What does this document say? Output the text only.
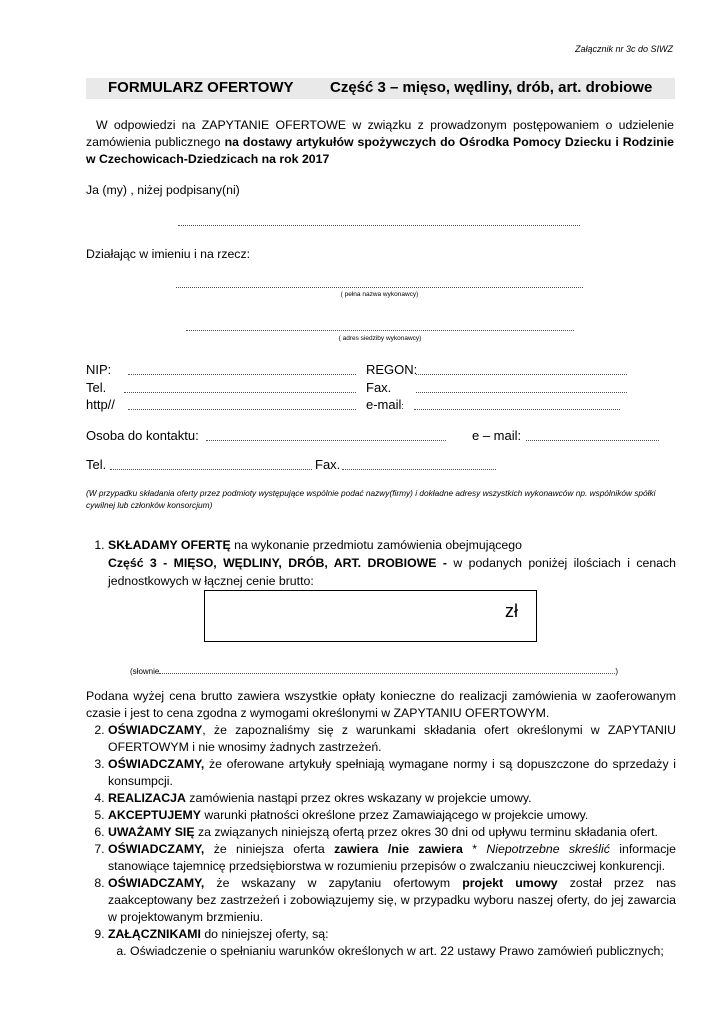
Załącznik nr 3c do SIWZ
FORMULARZ OFERTOWY Część 3 – mięso, wędliny, drób, art. drobiowe
W odpowiedzi na ZAPYTANIE OFERTOWE w związku z prowadzonym postępowaniem o udzielenie zamówienia publicznego na dostawy artykułów spożywczych do Ośrodka Pomocy Dziecku i Rodzinie w Czechowicach-Dziedzicach na rok 2017
Ja (my) , niżej podpisany(ni)
Działając w imieniu i na rzecz:
( pełna nazwa wykonawcy)
( adres siedziby wykonawcy)
NIP:	REGON:
Tel.	Fax.
http//	e-mail:
Osoba do kontaktu:	e – mail:
Tel.	Fax.
(W przypadku składania oferty przez podmioty występujące wspólnie podać nazwy(firmy) i dokładne adresy wszystkich wykonawców np. wspólników spółki cywilnej lub członków konsorcjum)
1. SKŁADAMY OFERTĘ na wykonanie przedmiotu zamówienia obejmującego
Część 3 - MIĘSO, WĘDLINY, DRÓB, ART. DROBIOWE - w podanych poniżej ilościach i cenach jednostkowych w łącznej cenie brutto:
zł
(słownie	)
Podana wyżej cena brutto zawiera wszystkie opłaty konieczne do realizacji zamówienia w zaoferowanym czasie i jest to cena zgodna z wymogami określonymi w ZAPYTANIU OFERTOWYM.
2. OŚWIADCZAMY, że zapoznaliśmy się z warunkami składania ofert określonymi w ZAPYTANIU OFERTOWYM i nie wnosimy żadnych zastrzeżeń.
3. OŚWIADCZAMY, że oferowane artykuły spełniają wymagane normy i są dopuszczone do sprzedaży i konsumpcji.
4. REALIZACJA zamówienia nastąpi przez okres wskazany w projekcie umowy.
5. AKCEPTUJEMY warunki płatności określone przez Zamawiającego w projekcie umowy.
6. UWAŻAMY SIĘ za związanych niniejszą ofertą przez okres 30 dni od upływu terminu składania ofert.
7. OŚWIADCZAMY, że niniejsza oferta zawiera /nie zawiera * Niepotrzebne skreślić informacje stanowiące tajemnicę przedsiębiorstwa w rozumieniu przepisów o zwalczaniu nieuczciwej konkurencji.
8. OŚWIADCZAMY, że wskazany w zapytaniu ofertowym projekt umowy został przez nas zaakceptowany bez zastrzeżeń i zobowiązujemy się, w przypadku wyboru naszej oferty, do jej zawarcia w projektowanym brzmieniu.
9. ZAŁĄCZNIKAMI do niniejszej oferty, są:
a. Oświadczenie o spełnianiu warunków określonych w art. 22 ustawy Prawo zamówień publicznych;
